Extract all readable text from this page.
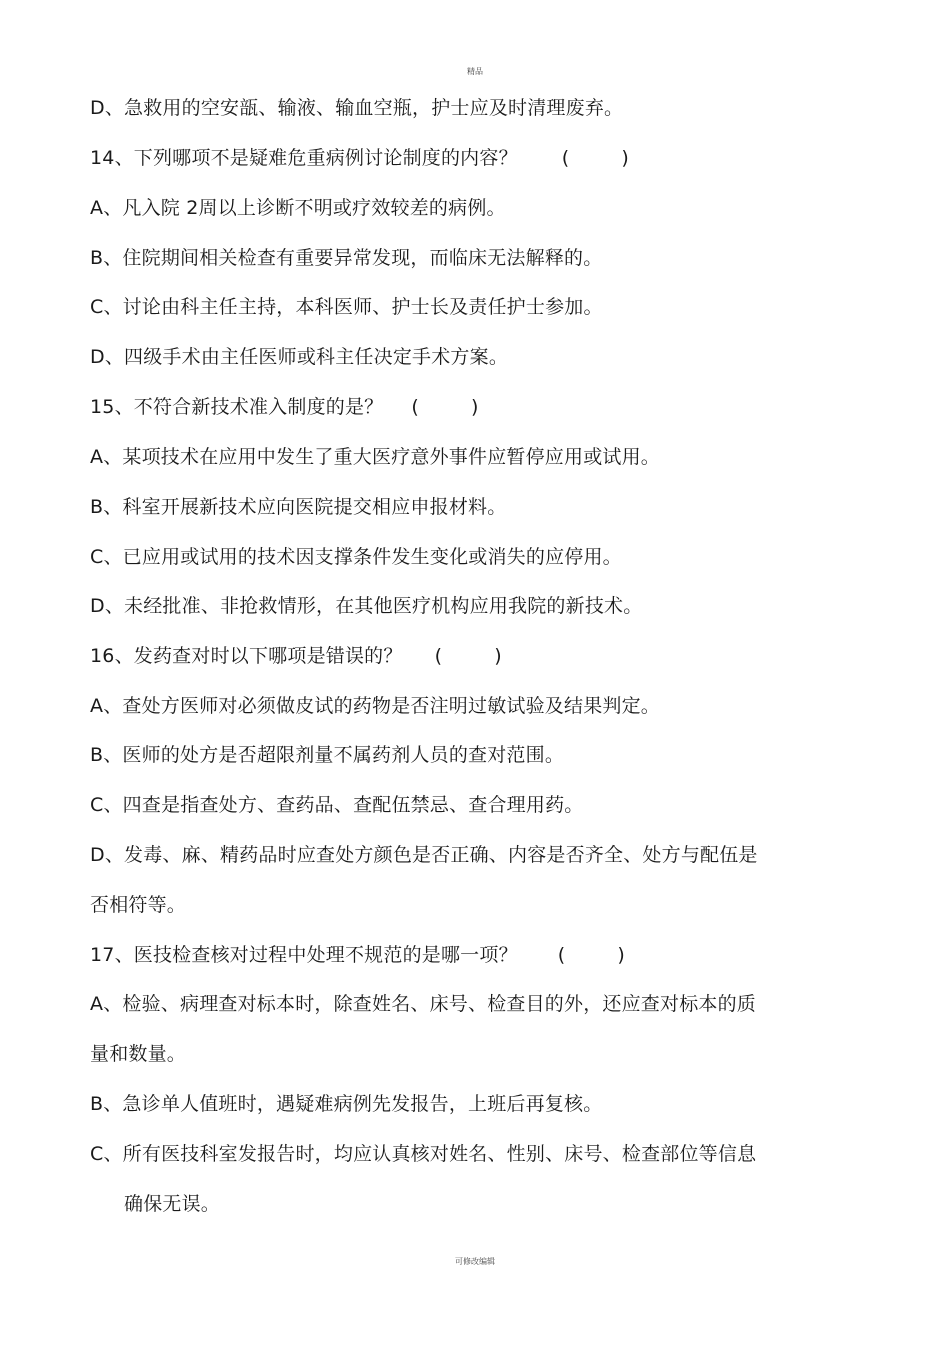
精品
D、急救用的空安瓿、输液、输血空瓶，护士应及时清理废弃。
14、下列哪项不是疑难危重病例讨论制度的内容？ (	)
A、凡入院 2周以上诊断不明或疗效较差的病例。
B、住院期间相关检查有重要异常发现，而临床无法解释的。
C、讨论由科主任主持，本科医师、护士长及责任护士参加。
D、四级手术由主任医师或科主任决定手术方案。
15、不符合新技术准入制度的是？ (	)
A、某项技术在应用中发生了重大医疗意外事件应暂停应用或试用。
B、科室开展新技术应向医院提交相应申报材料。
C、已应用或试用的技术因支撑条件发生变化或消失的应停用。
D、未经批准、非抢救情形，在其他医疗机构应用我院的新技术。
16、发药查对时以下哪项是错误的？ (	)
A、查处方医师对必须做皮试的药物是否注明过敏试验及结果判定。
B、医师的处方是否超限剂量不属药剂人员的查对范围。
C、四查是指查处方、查药品、查配伍禁忌、查合理用药。
D、发毒、麻、精药品时应查处方颜色是否正确、内容是否齐全、处方与配伍是
否相符等。
17、医技检查核对过程中处理不规范的是哪一项？ (	)
A、检验、病理查对标本时，除查姓名、床号、检查目的外，还应查对标本的质
量和数量。
B、急诊单人值班时，遇疑难病例先发报告，上班后再复核。
C、所有医技科室发报告时，均应认真核对姓名、性别、床号、检查部位等信息
确保无误。
可修改编辑
